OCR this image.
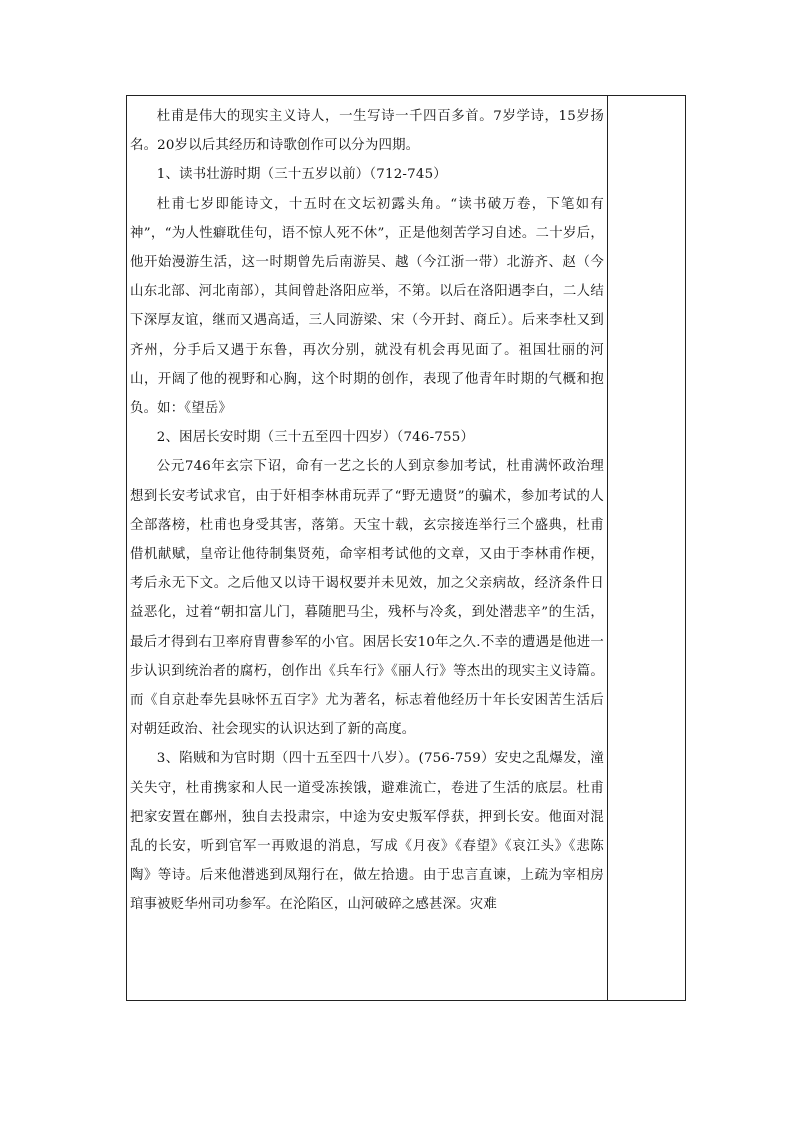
杜甫是伟大的现实主义诗人，一生写诗一千四百多首。7岁学诗，15岁扬名。20岁以后其经历和诗歌创作可以分为四期。

1、读书壮游时期（三十五岁以前）（712-745）

杜甫七岁即能诗文，十五时在文坛初露头角。“读书破万卷，下笔如有神”，“为人性癖耽佳句，语不惊人死不休”，正是他刻苦学习自述。二十岁后， 他开始漫游生活，这一时期曾先后南游吴、越（今江浙一带）北游齐、赵（今山东北部、河北南部），其间曾赴洛阳应举，不第。以后在洛阳遇李白，二人结下深厚友谊，继而又遇高适，三人同游梁、宋（今开封、商丘）。后来李杜又到齐州，分手后又遇于东鲁，再次分别，就没有机会再见面了。祖国壮丽的河山，开阔了他的视野和心胸，这个时期的创作，表现了他青年时期的气概和抱负。如：《望岳》

2、困居长安时期（三十五至四十四岁）（746-755）

公元746年玄宗下诏，命有一艺之长的人到京参加考试，杜甫满怀政治理想到长安考试求官，由于奸相李林甫玩弄了“野无遗贤”的骗术，参加考试的人全部落榜，杜甫也身受其害，落第。天宝十载，玄宗接连举行三个盛典，杜甫借机献赋，皇帝让他待制集贤苑，命宰相考试他的文章，又由于李林甫作梗，考后永无下文。之后他又以诗干谒权要并未见效，加之父亲病故，经济条件日益恶化，过着“朝扣富儿门，暮随肥马尘，残杯与冷炙，到处潜悲辛”的生活，最后才得到右卫率府胄曹参军的小官。困居长安10年之久.不幸的遭遇是他进一步认识到统治者的腐朽，创作出《兵车行》《丽人行》等杰出的现实主义诗篇。而《自京赴奉先县咏怀五百字》尤为著名，标志着他经历十年长安困苦生活后对朝廷政治、社会现实的认识达到了新的高度。

3、陷贼和为官时期（四十五至四十八岁）。(756-759）安史之乱爆发，潼关失守，杜甫携家和人民一道受冻挨饿，避难流亡，卷进了生活的底层。杜甫把家安置在鄜州，独自去投肃宗，中途为安史叛军俘获，押到长安。他面对混乱的长安，听到官军一再败退的消息，写成《月夜》《春望》《哀江头》《悲陈陶》等诗。后来他潜逃到凤翔行在，做左拾遗。由于忠言直谏，上疏为宰相房琯事被贬华州司功参军。在沦陷区，山河破碎之感甚深。灾难
